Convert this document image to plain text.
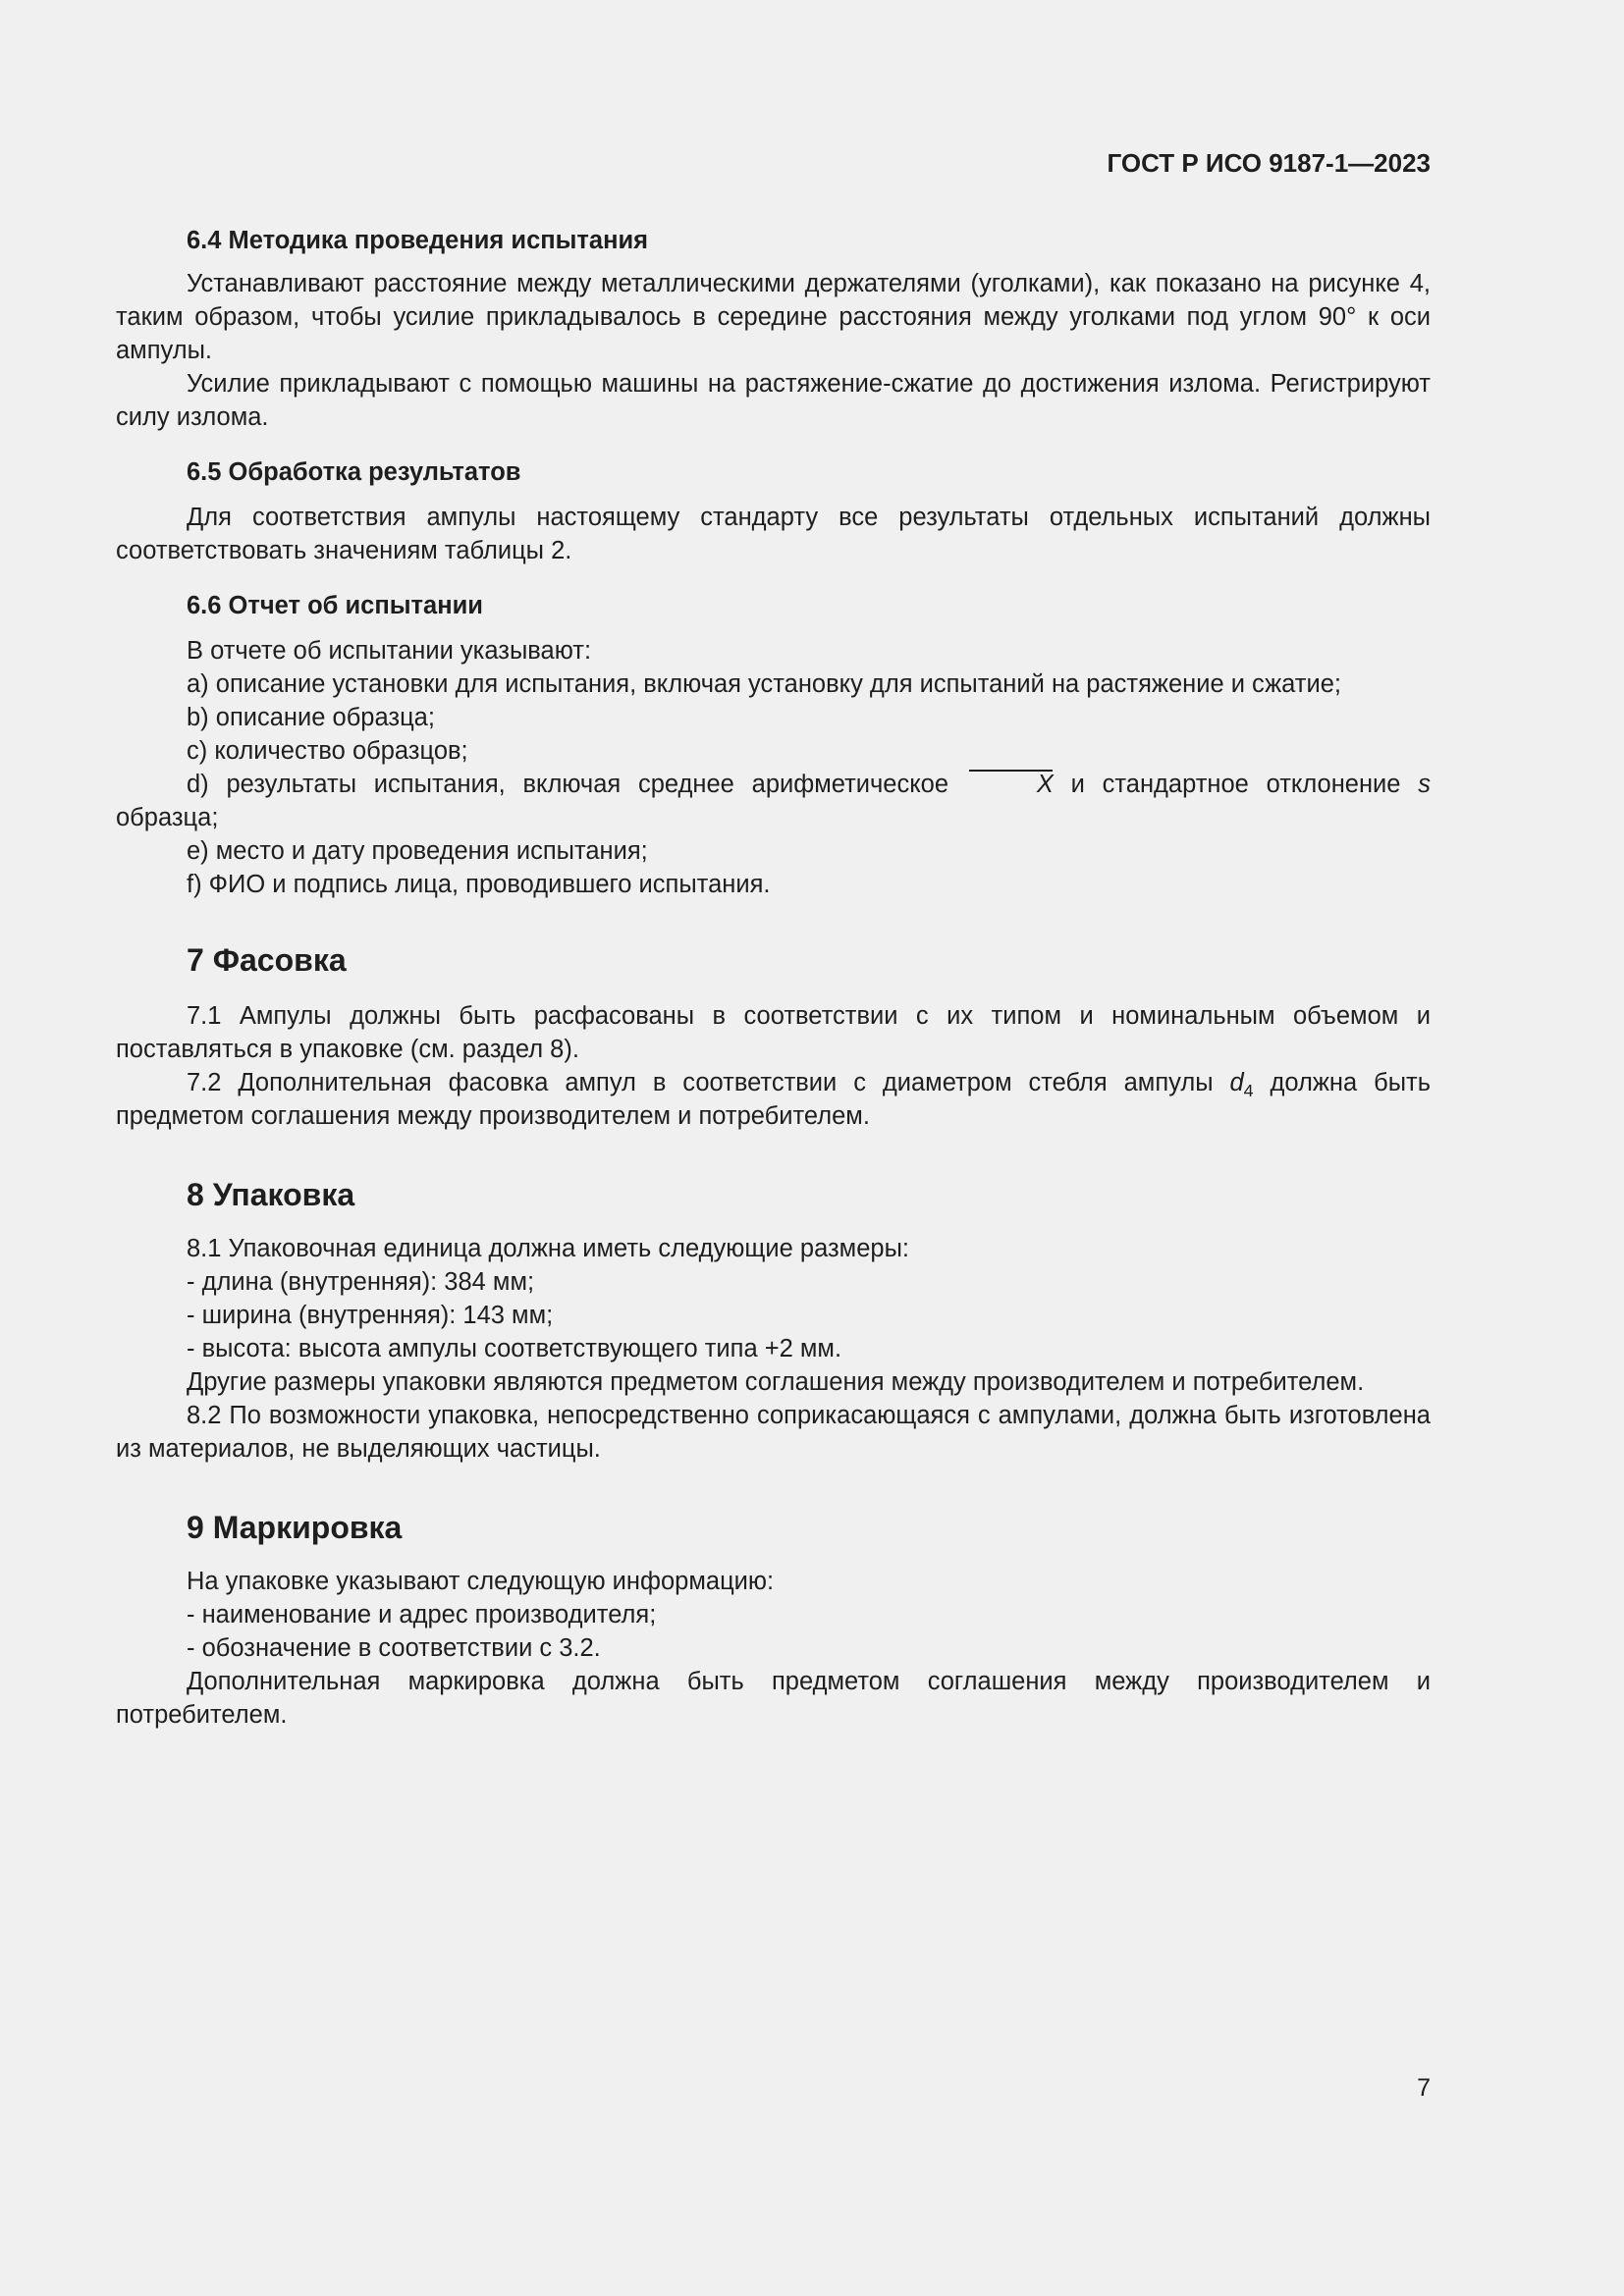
ГОСТ Р ИСО 9187-1—2023
6.4 Методика проведения испытания

Устанавливают расстояние между металлическими держателями (уголками), как показано на рисунке 4, таким образом, чтобы усилие прикладывалось в середине расстояния между уголками под углом 90° к оси ампулы.

Усилие прикладывают с помощью машины на растяжение-сжатие до достижения излома. Регистрируют силу излома.

6.5 Обработка результатов

Для соответствия ампулы настоящему стандарту все результаты отдельных испытаний должны соответствовать значениям таблицы 2.

6.6 Отчет об испытании

В отчете об испытании указывают:

a) описание установки для испытания, включая установку для испытаний на растяжение и сжатие;

b) описание образца;

c) количество образцов;

d) результаты испытания, включая среднее арифметическое	X и стандартное отклонение s образца;

e) место и дату проведения испытания;

f) ФИО и подпись лица, проводившего испытания.

7 Фасовка

7.1 Ампулы должны быть расфасованы в соответствии с их типом и номинальным объемом и поставляться в упаковке (см. раздел 8).

7.2 Дополнительная фасовка ампул в соответствии с диаметром стебля ампулы $d_4$ должна быть предметом соглашения между производителем и потребителем.

8 Упаковка

8.1 Упаковочная единица должна иметь следующие размеры:

- длина (внутренняя): 384 мм;

- ширина (внутренняя): 143 мм;

- высота: высота ампулы соответствующего типа +2 мм.

Другие размеры упаковки являются предметом соглашения между производителем и потребителем.

8.2 По возможности упаковка, непосредственно соприкасающаяся с ампулами, должна быть изготовлена из материалов, не выделяющих частицы.

9 Маркировка

На упаковке указывают следующую информацию:

- наименование и адрес производителя;

- обозначение в соответствии с 3.2.

Дополнительная маркировка должна быть предметом соглашения между производителем и потребителем.

7
